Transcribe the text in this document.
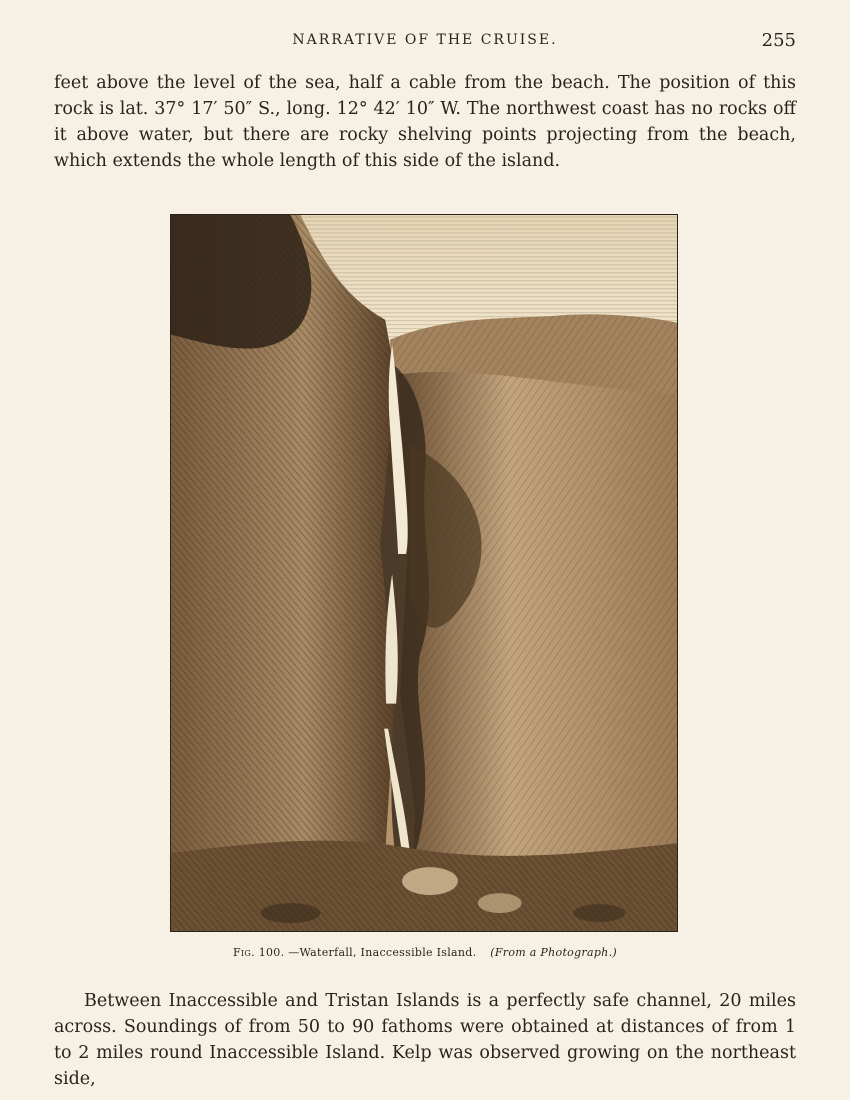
NARRATIVE OF THE CRUISE.	255

feet above the level of the sea, half a cable from the beach. The position of this rock is lat. 37° 17′ 50″ S., long. 12° 42′ 10″ W. The northwest coast has no rocks off it above water, but there are rocky shelving points projecting from the beach, which extends the whole length of this side of the island.

Fig. 100. —Waterfall, Inaccessible Island. (From a Photograph.)

Between Inaccessible and Tristan Islands is a perfectly safe channel, 20 miles across. Soundings of from 50 to 90 fathoms were obtained at distances of from 1 to 2 miles round Inaccessible Island. Kelp was observed growing on the northeast side,
